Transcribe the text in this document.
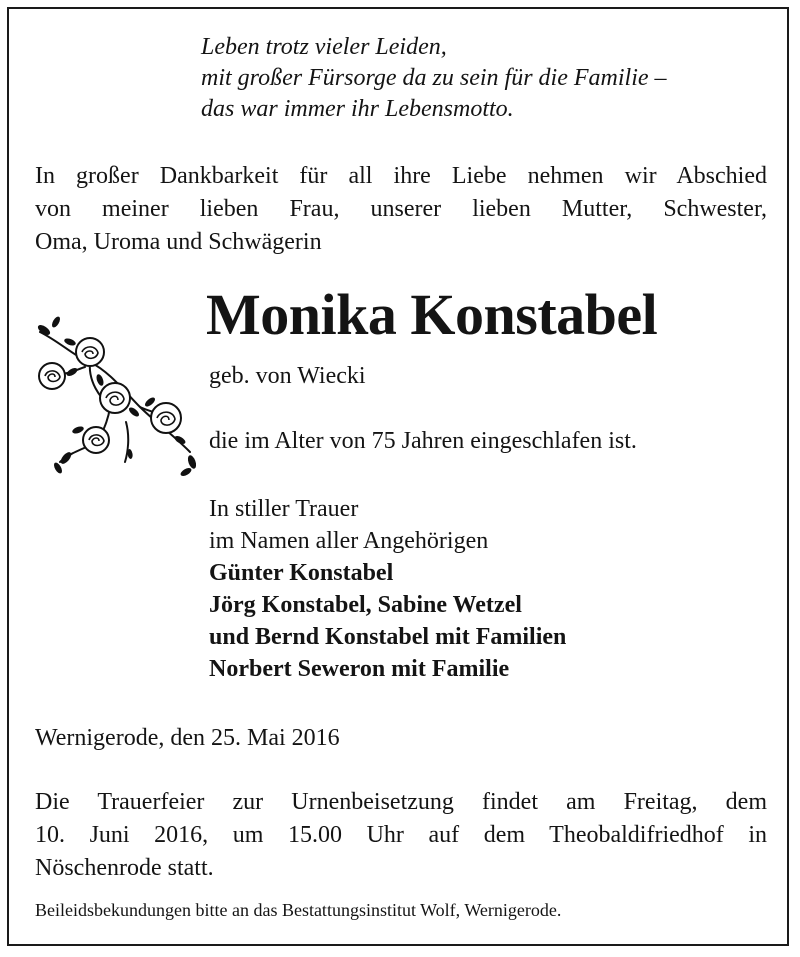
Leben trotz vieler Leiden,
mit großer Fürsorge da zu sein für die Familie –
das war immer ihr Lebensmotto.
In großer Dankbarkeit für all ihre Liebe nehmen wir Abschied
von meiner lieben Frau, unserer lieben Mutter, Schwester,
Oma, Uroma und Schwägerin
Monika Konstabel
geb. von Wiecki
die im Alter von 75 Jahren eingeschlafen ist.
In stiller Trauer
im Namen aller Angehörigen
Günter Konstabel
Jörg Konstabel, Sabine Wetzel
und Bernd Konstabel mit Familien
Norbert Seweron mit Familie
Wernigerode, den 25. Mai 2016
Die Trauerfeier zur Urnenbeisetzung findet am Freitag, dem
10. Juni 2016, um 15.00 Uhr auf dem Theobaldifriedhof in
Nöschenrode statt.
Beileidsbekundungen bitte an das Bestattungsinstitut Wolf, Wernigerode.
